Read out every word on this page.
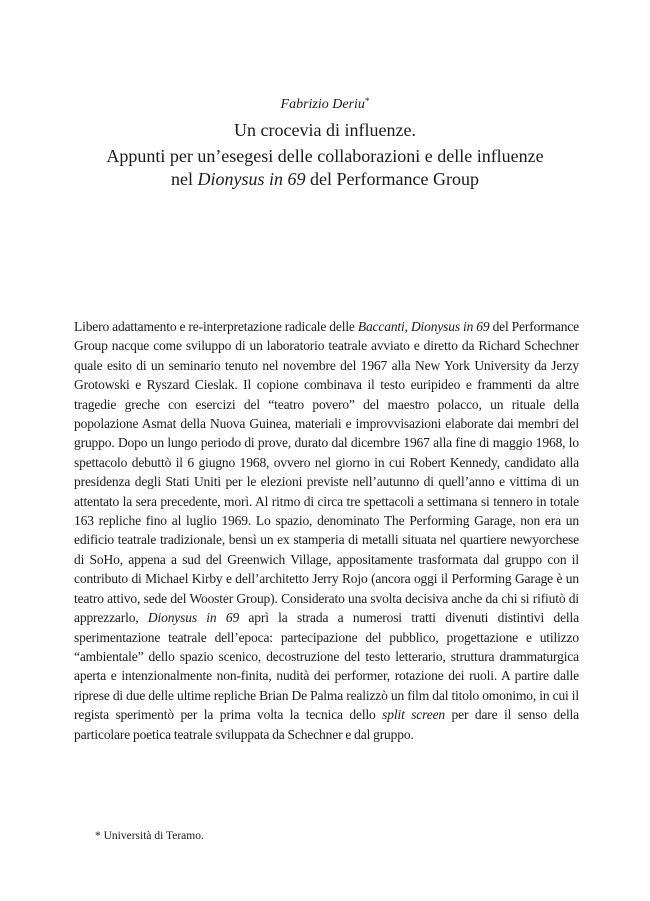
Fabrizio Deriu*
Un crocevia di influenze.
Appunti per un’esegesi delle collaborazioni e delle influenze
nel Dionysus in 69 del Performance Group
Libero adattamento e re-interpretazione radicale delle Baccanti, Dionysus in 69 del Performance Group nacque come sviluppo di un laboratorio teatrale avviato e diretto da Richard Schechner quale esito di un seminario tenuto nel novembre del 1967 alla New York University da Jerzy Grotowski e Ryszard Cieslak. Il copione combinava il testo euripideo e frammenti da altre tragedie greche con esercizi del “teatro povero” del maestro polacco, un rituale della popolazione Asmat della Nuova Guinea, materiali e improvvisazioni elaborate dai membri del gruppo. Dopo un lungo periodo di prove, durato dal dicembre 1967 alla fine di maggio 1968, lo spettacolo debuttò il 6 giugno 1968, ovvero nel giorno in cui Robert Kennedy, candidato alla presidenza degli Stati Uniti per le elezioni previste nell’autunno di quell’anno e vittima di un attentato la sera precedente, morì. Al ritmo di circa tre spettacoli a settimana si tennero in totale 163 repliche fino al luglio 1969. Lo spazio, denominato The Performing Garage, non era un edificio teatrale tradizionale, bensì un ex stamperia di metalli situata nel quartiere newyorchese di SoHo, appena a sud del Greenwich Village, appositamente trasformata dal gruppo con il contributo di Michael Kirby e dell’architetto Jerry Rojo (ancora oggi il Performing Garage è un teatro attivo, sede del Wooster Group). Considerato una svolta decisiva anche da chi si rifiutò di apprezzarlo, Dionysus in 69 aprì la strada a numerosi tratti divenuti distintivi della sperimentazione teatrale dell’epoca: partecipazione del pubblico, progettazione e utilizzo “ambientale” dello spazio scenico, decostruzione del testo letterario, struttura drammaturgica aperta e intenzionalmente non-finita, nudità dei performer, rotazione dei ruoli. A partire dalle riprese di due delle ultime repliche Brian De Palma realizzò un film dal titolo omonimo, in cui il regista sperimentò per la prima volta la tecnica dello split screen per dare il senso della particolare poetica teatrale sviluppata da Schechner e dal gruppo.
* Università di Teramo.
